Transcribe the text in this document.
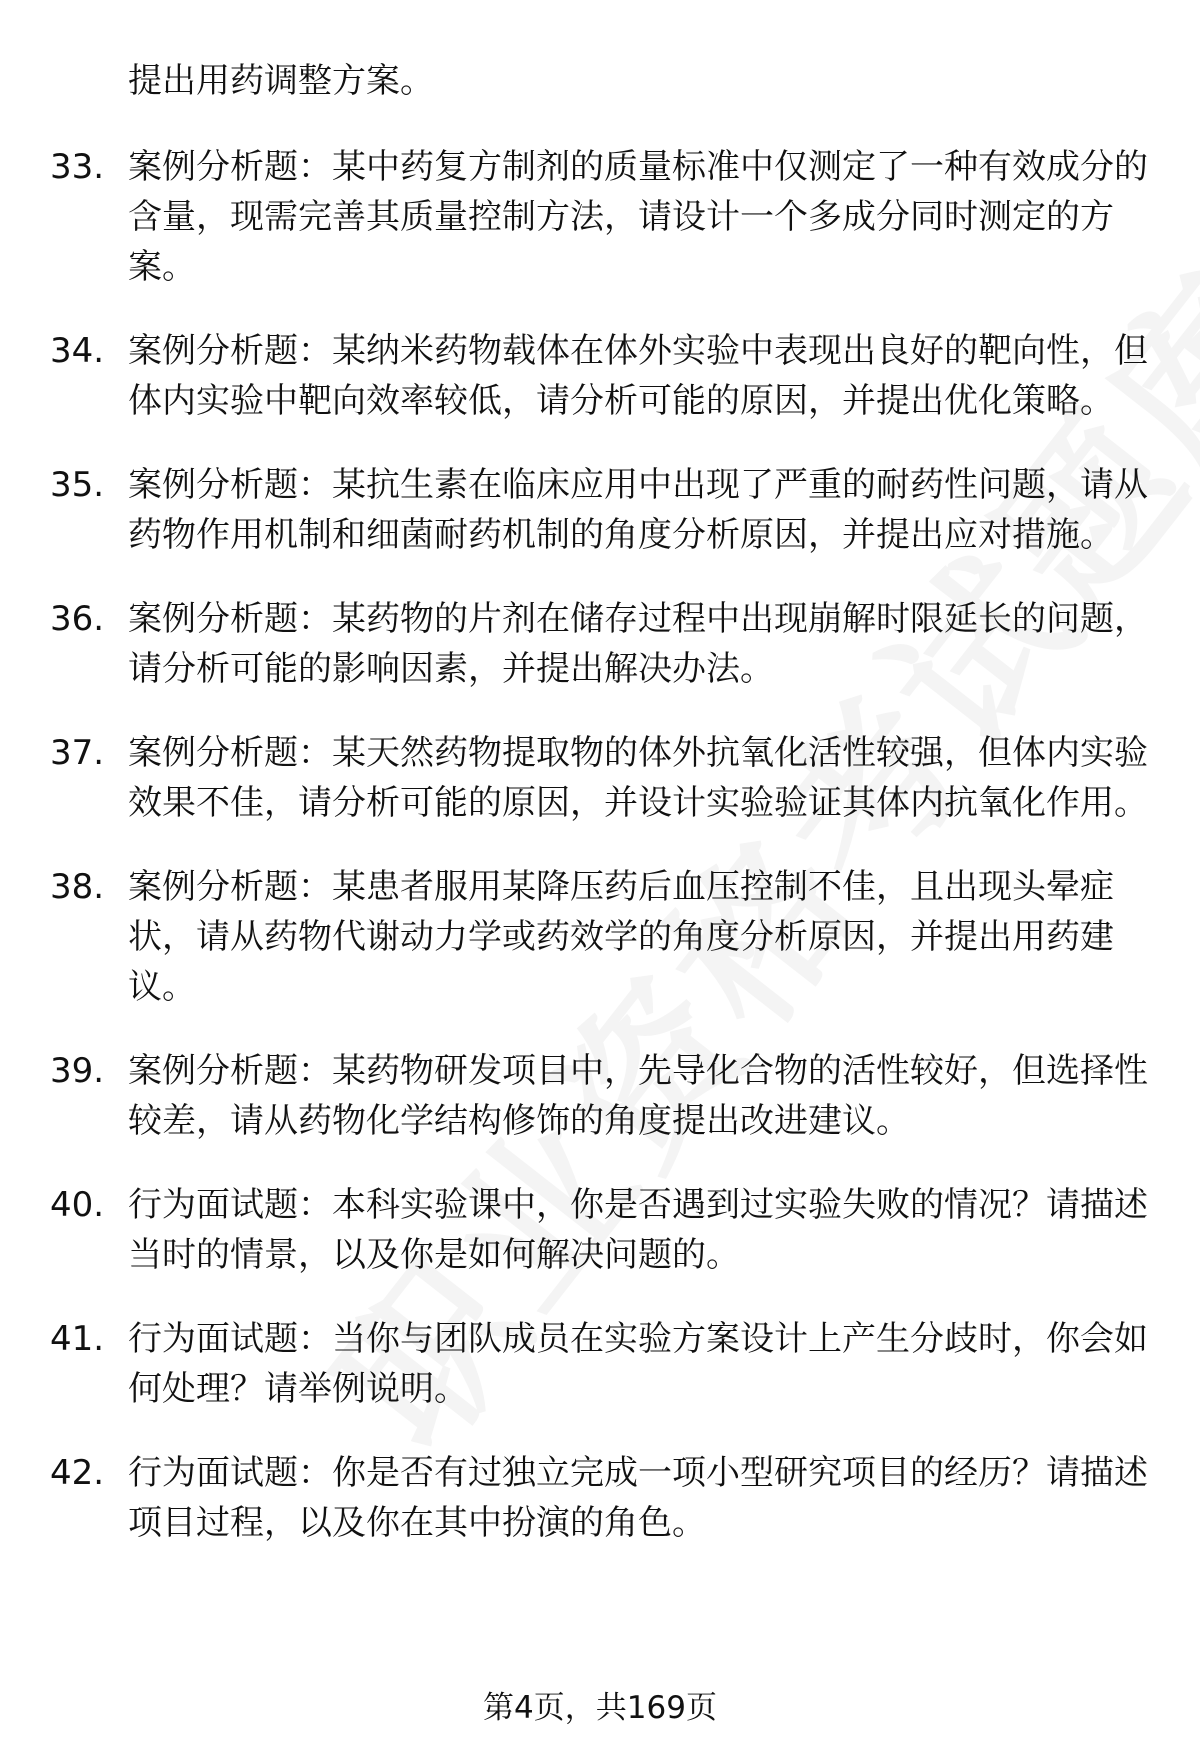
提出用药调整方案。
33. 案例分析题：某中药复方制剂的质量标准中仅测定了一种有效成分的含量，现需完善其质量控制方法，请设计一个多成分同时测定的方案。
34. 案例分析题：某纳米药物载体在体外实验中表现出良好的靶向性，但体内实验中靶向效率较低，请分析可能的原因，并提出优化策略。
35. 案例分析题：某抗生素在临床应用中出现了严重的耐药性问题，请从药物作用机制和细菌耐药机制的角度分析原因，并提出应对措施。
36. 案例分析题：某药物的片剂在储存过程中出现崩解时限延长的问题，请分析可能的影响因素，并提出解决办法。
37. 案例分析题：某天然药物提取物的体外抗氧化活性较强，但体内实验效果不佳，请分析可能的原因，并设计实验验证其体内抗氧化作用。
38. 案例分析题：某患者服用某降压药后血压控制不佳，且出现头晕症状，请从药物代谢动力学或药效学的角度分析原因，并提出用药建议。
39. 案例分析题：某药物研发项目中，先导化合物的活性较好，但选择性较差，请从药物化学结构修饰的角度提出改进建议。
40. 行为面试题：本科实验课中，你是否遇到过实验失败的情况？请描述当时的情景，以及你是如何解决问题的。
41. 行为面试题：当你与团队成员在实验方案设计上产生分歧时，你会如何处理？请举例说明。
42. 行为面试题：你是否有过独立完成一项小型研究项目的经历？请描述项目过程，以及你在其中扮演的角色。
第4页，共169页
